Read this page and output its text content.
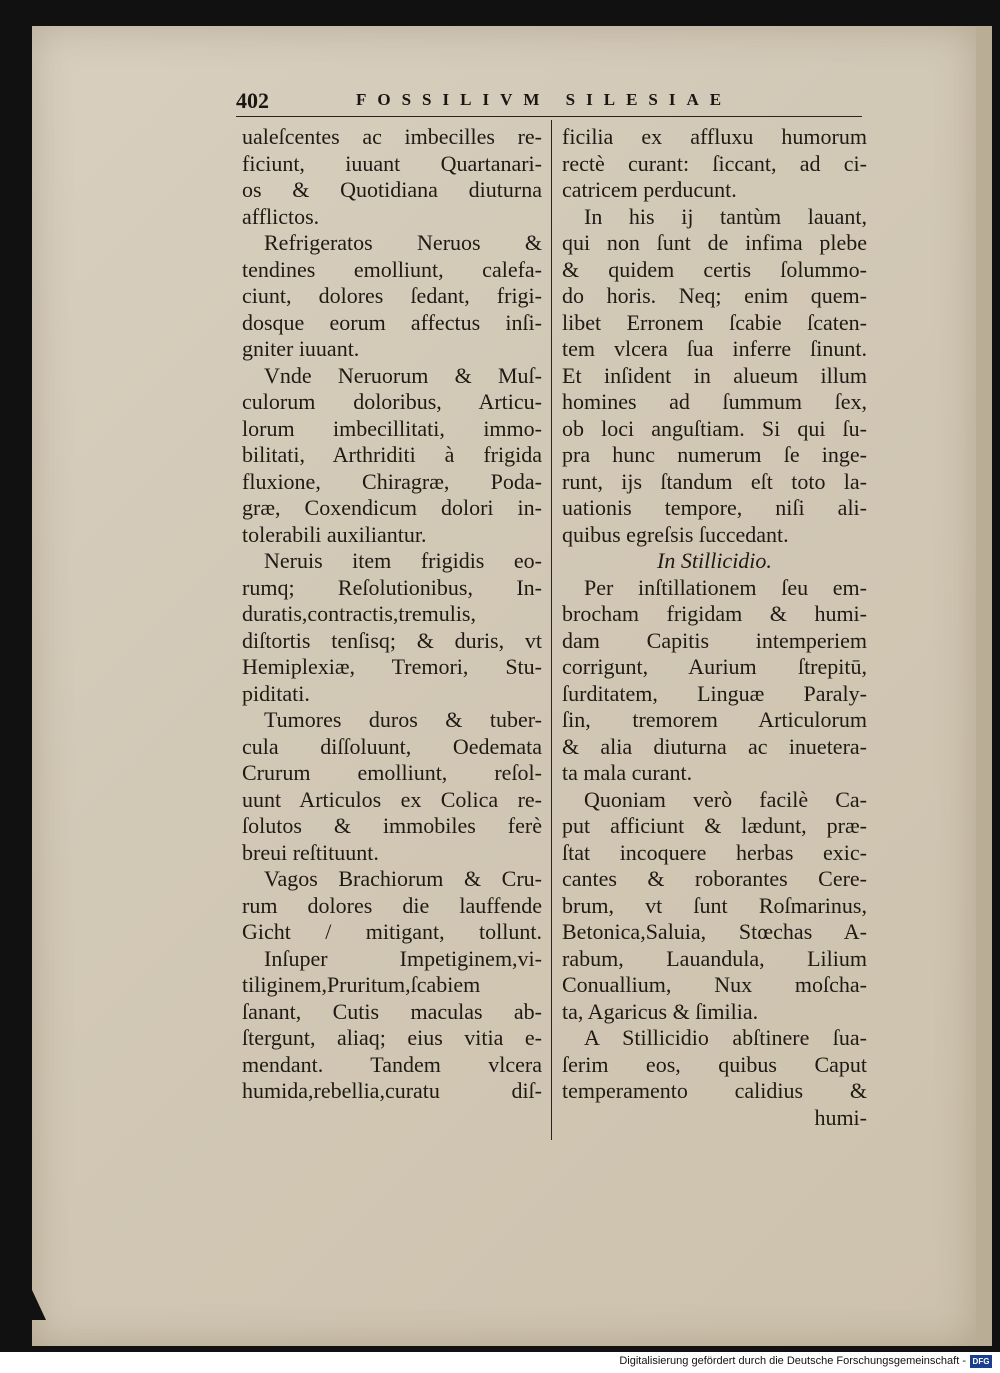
402	FOSSILIVM SILESIAE
ualeſcentes ac imbecilles re-
ficiunt, iuuant Quartanari-
os & Quotidiana diuturna
afflictos.
Refrigeratos Neruos &
tendines emolliunt, calefa-
ciunt, dolores ſedant, frigi-
dosque eorum affectus inſi-
gniter iuuant.
Vnde Neruorum & Muſ-
culorum doloribus, Articu-
lorum imbecillitati, immo-
bilitati, Arthriditi à frigida
fluxione, Chiragræ, Poda-
græ, Coxendicum dolori in-
tolerabili auxiliantur.
Neruis item frigidis eo-
rumq; Reſolutionibus, In-
duratis,contractis,tremulis,
diſtortis tenſisq; & duris, vt
Hemiplexiæ, Tremori, Stu-
piditati.
Tumores duros & tuber-
cula diſſoluunt, Oedemata
Crurum emolliunt, reſol-
uunt Articulos ex Colica re-
ſolutos & immobiles ferè
breui reſtituunt.
Vagos Brachiorum & Cru-
rum dolores die lauffende
Gicht / mitigant, tollunt.
Inſuper Impetiginem,vi-
tiliginem,Pruritum,ſcabiem
ſanant, Cutis maculas ab-
ſtergunt, aliaq; eius vitia e-
mendant. Tandem vlcera
humida,rebellia,curatu diſ-
ficilia ex affluxu humorum
rectè curant: ſiccant, ad ci-
catricem perducunt.
In his ij tantùm lauant,
qui non ſunt de infima plebe
& quidem certis ſolummo-
do horis. Neq; enim quem-
libet Erronem ſcabie ſcaten-
tem vlcera ſua inferre ſinunt.
Et inſident in alueum illum
homines ad ſummum ſex,
ob loci anguſtiam. Si qui ſu-
pra hunc numerum ſe inge-
runt, ijs ſtandum eſt toto la-
uationis tempore, niſi ali-
quibus egreſsis ſuccedant.
In Stillicidio.
Per inſtillationem ſeu em-
brocham frigidam & humi-
dam Capitis intemperiem
corrigunt, Aurium ſtrepitū,
ſurditatem, Linguæ Paraly-
ſin, tremorem Articulorum
& alia diuturna ac inuetera-
ta mala curant.
Quoniam verò facilè Ca-
put afficiunt & lædunt, præ-
ſtat incoquere herbas exic-
cantes & roborantes Cere-
brum, vt ſunt Roſmarinus,
Betonica,Saluia, Stœchas A-
rabum, Lauandula, Lilium
Conuallium, Nux moſcha-
ta, Agaricus & ſimilia.
A Stillicidio abſtinere ſua-
ſerim eos, quibus Caput
temperamento calidius &
humi-
Digitalisierung gefördert durch die Deutsche Forschungsgemeinschaft - DFG
